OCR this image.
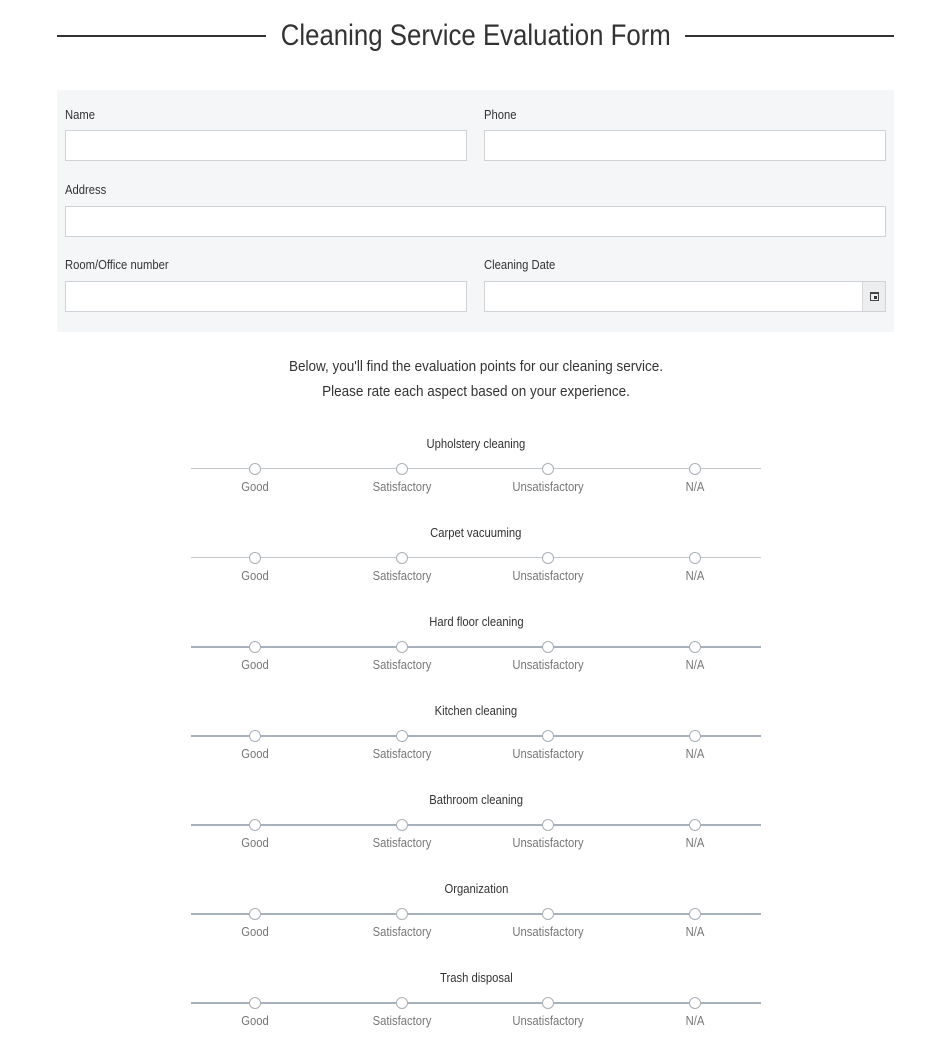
Cleaning Service Evaluation Form
Name	Phone
Address
Room/Office number	Cleaning Date
Below, you'll find the evaluation points for our cleaning service.
Please rate each aspect based on your experience.
Upholstery cleaning
Good	Satisfactory	Unsatisfactory	N/A
Carpet vacuuming
Good	Satisfactory	Unsatisfactory	N/A
Hard floor cleaning
Good	Satisfactory	Unsatisfactory	N/A
Kitchen cleaning
Good	Satisfactory	Unsatisfactory	N/A
Bathroom cleaning
Good	Satisfactory	Unsatisfactory	N/A
Organization
Good	Satisfactory	Unsatisfactory	N/A
Trash disposal
Good	Satisfactory	Unsatisfactory	N/A
